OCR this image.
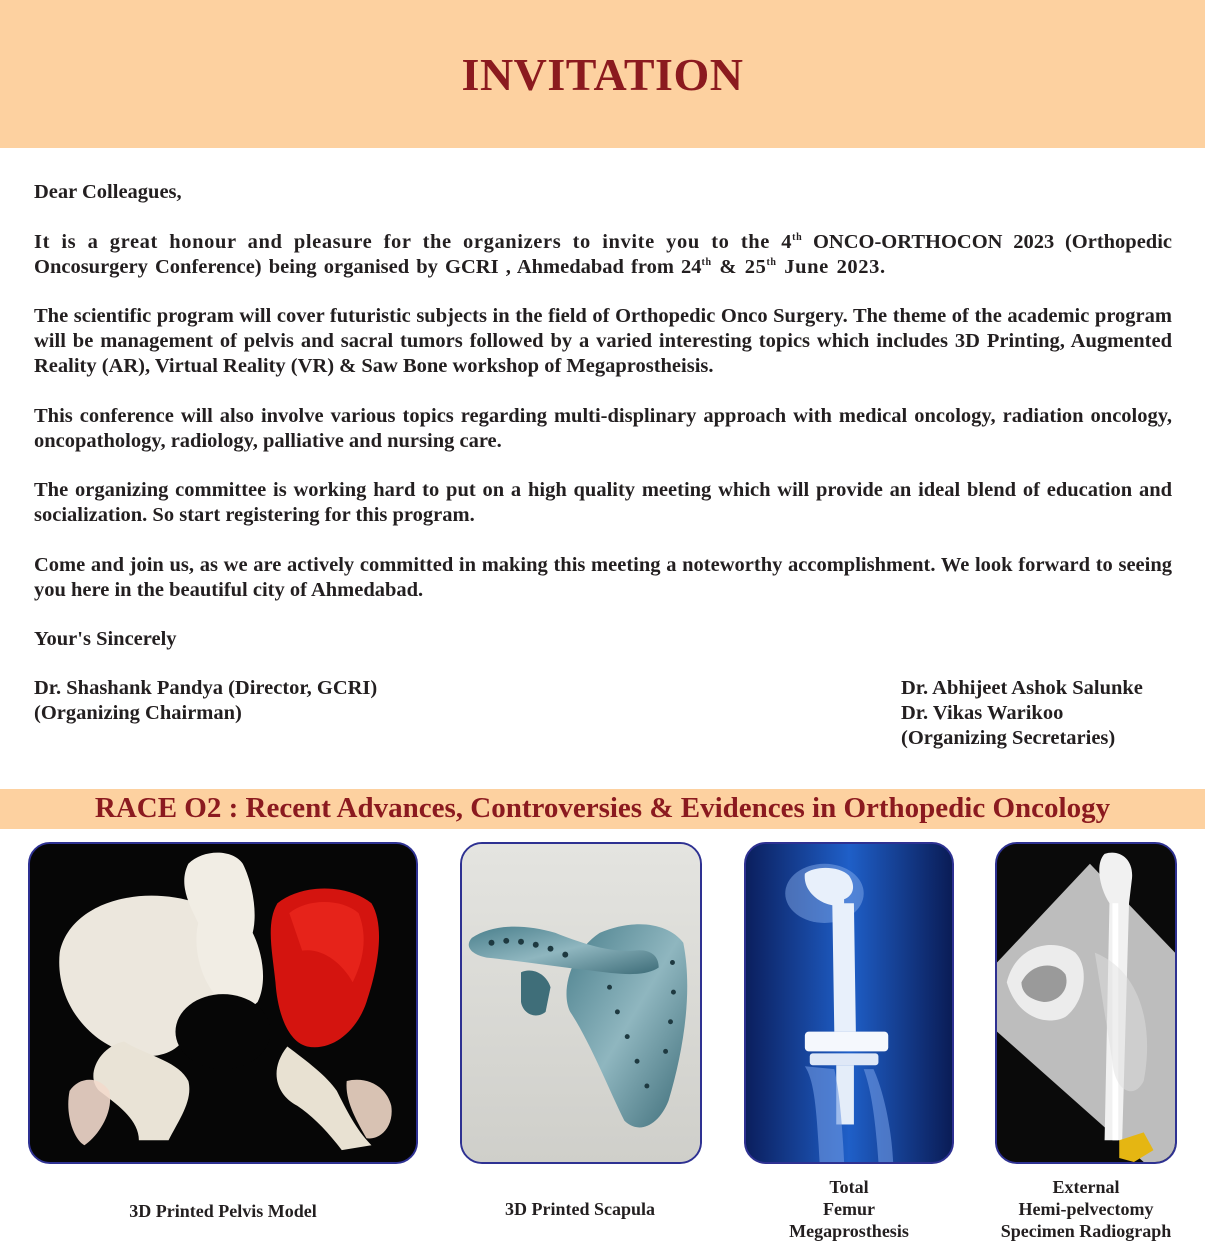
INVITATION

Dear Colleagues,

It is a great honour and pleasure for the organizers to invite you to the 4th ONCO-ORTHOCON 2023 (Orthopedic Oncosurgery Conference) being organised by GCRI , Ahmedabad from 24th & 25th June 2023.

The scientific program will cover futuristic subjects in the field of Orthopedic Onco Surgery. The theme of the academic program will be management of pelvis and sacral tumors followed by a varied interesting topics which includes 3D Printing, Augmented Reality (AR), Virtual Reality (VR) & Saw Bone workshop of Megaprostheisis.

This conference will also involve various topics regarding multi-displinary approach with medical oncology, radiation oncology, oncopathology, radiology, palliative and nursing care.

The organizing committee is working hard to put on a high quality meeting which will provide an ideal blend of education and socialization. So start registering for this program.

Come and join us, as we are actively committed in making this meeting a noteworthy accomplishment. We look forward to seeing you here in the beautiful city of Ahmedabad.

Your's Sincerely

Dr. Shashank Pandya (Director, GCRI)
(Organizing Chairman)
Dr. Abhijeet Ashok Salunke
Dr. Vikas Warikoo
(Organizing Secretaries)
RACE O2 : Recent Advances, Controversies & Evidences in Orthopedic Oncology
3D Printed Pelvis Model	3D Printed Scapula
Total
Femur
Megaprosthesis
External
Hemi-pelvectomy
Specimen Radiograph
